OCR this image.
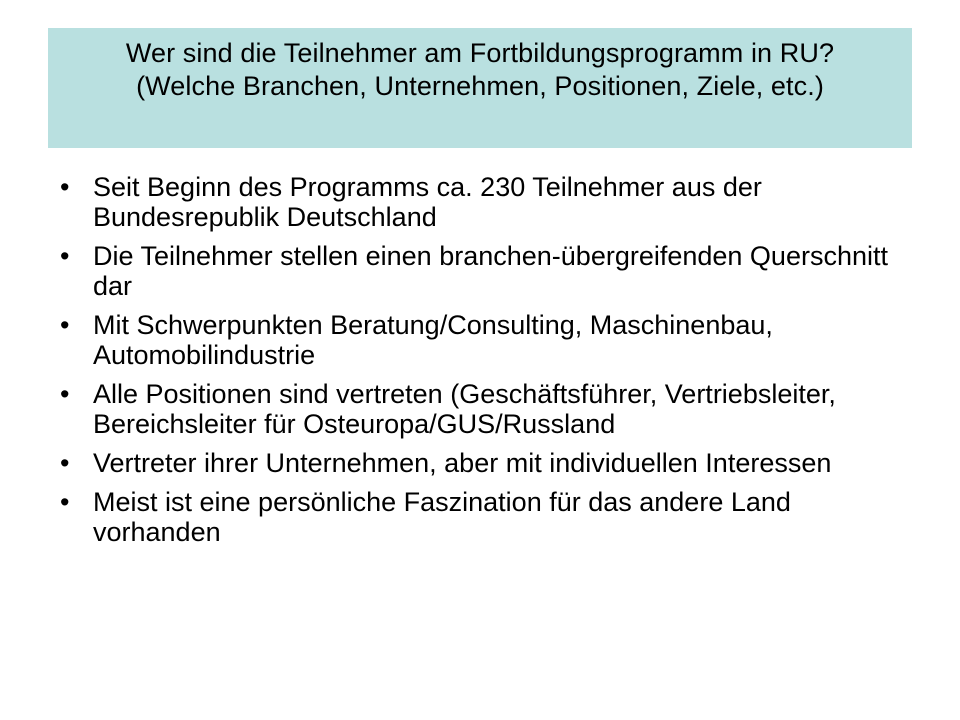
Wer sind die Teilnehmer am Fortbildungsprogramm in RU?
(Welche Branchen, Unternehmen, Positionen, Ziele, etc.)
• Seit Beginn des Programms ca. 230 Teilnehmer aus der Bundesrepublik Deutschland
• Die Teilnehmer stellen einen branchen-übergreifenden Querschnitt dar
• Mit Schwerpunkten Beratung/Consulting, Maschinenbau, Automobilindustrie
• Alle Positionen sind vertreten (Geschäftsführer, Vertriebsleiter, Bereichsleiter für Osteuropa/GUS/Russland
• Vertreter ihrer Unternehmen, aber mit individuellen Interessen
• Meist ist eine persönliche Faszination für das andere Land vorhanden
